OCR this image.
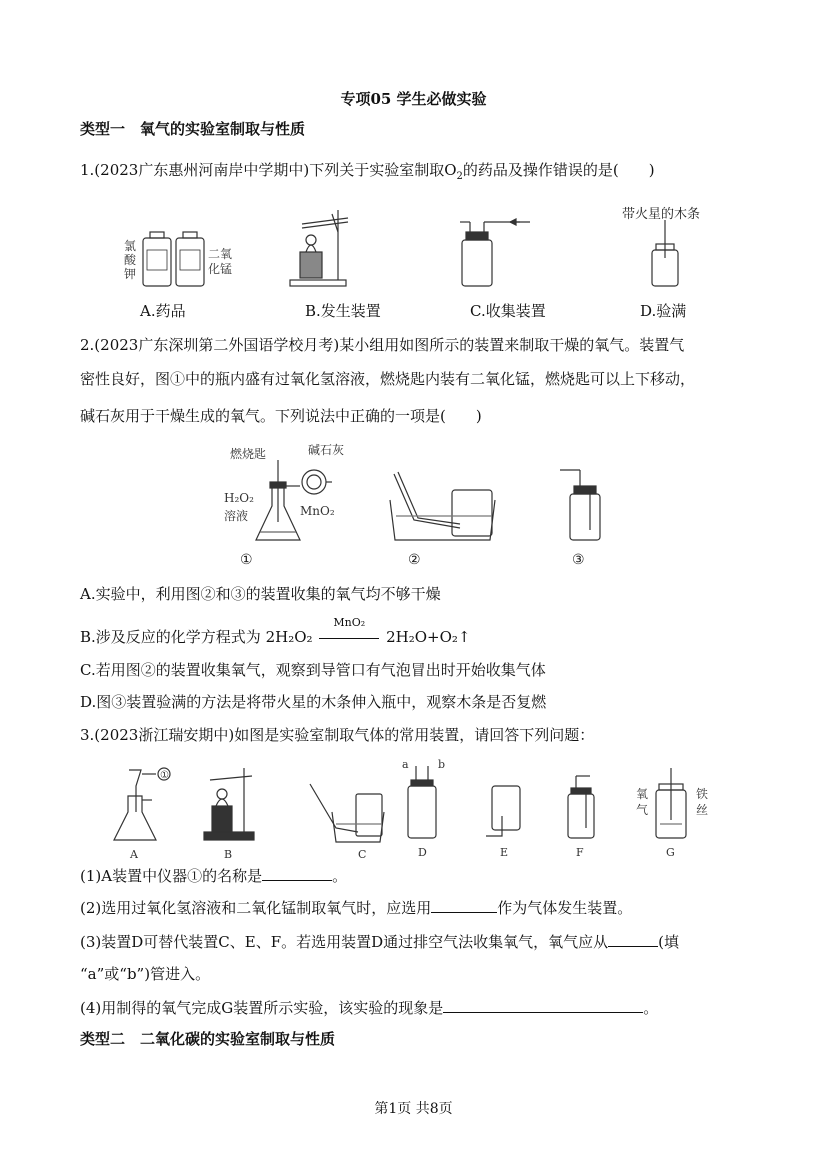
专项05 学生必做实验
类型一　氧气的实验室制取与性质
1.(2023广东惠州河南岸中学期中)下列关于实验室制取$O_2$的药品及操作错误的是(　　)
氯
酸
钾
二氧
化锰
带火星的木条
A.药品	B.发生装置	C.收集装置	D.验满
2.(2023广东深圳第二外国语学校月考)某小组用如图所示的装置来制取干燥的氧气。装置气
密性良好，图①中的瓶内盛有过氧化氢溶液，燃烧匙内装有二氧化锰，燃烧匙可以上下移动，
碱石灰用于干燥生成的氧气。下列说法中正确的一项是(　　)
燃烧匙	碱石灰
H₂O₂
溶液	MnO₂
①	②	③
A.实验中，利用图②和③的装置收集的氧气均不够干燥
B.涉及反应的化学方程式为 2H₂O₂
MnO₂
2H₂O+O₂↑
C.若用图②的装置收集氧气，观察到导管口有气泡冒出时开始收集气体
D.图③装置验满的方法是将带火星的木条伸入瓶中，观察木条是否复燃
3.(2023浙江瑞安期中)如图是实验室制取气体的常用装置，请回答下列问题：
①
a	b
氧
气
铁
丝
A	B	C	D	E	F	G
(1)A装置中仪器①的名称是	。
(2)选用过氧化氢溶液和二氧化锰制取氧气时，应选用	作为气体发生装置。
(3)装置D可替代装置C、E、F。若选用装置D通过排空气法收集氧气，氧气应从	(填
“a”或“b”)管进入。
(4)用制得的氧气完成G装置所示实验，该实验的现象是	。
类型二　二氧化碳的实验室制取与性质
第1页 共8页
